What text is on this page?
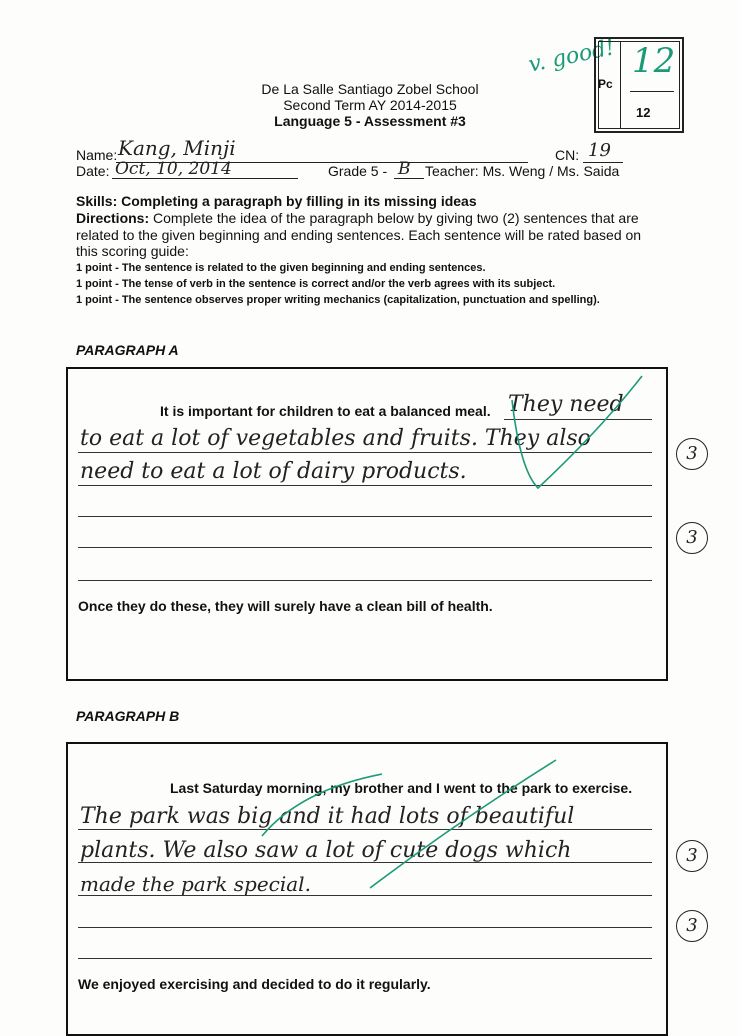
De La Salle Santiago Zobel School
Second Term AY 2014-2015
Language 5 - Assessment #3
v. good!
Pc
12
12
Name: Kang, Minji	CN: 19
Date: Oct, 10, 2014	Grade 5 - B Teacher: Ms. Weng / Ms. Saida
Skills: Completing a paragraph by filling in its missing ideas
Directions: Complete the idea of the paragraph below by giving two (2) sentences that are related to the given beginning and ending sentences. Each sentence will be rated based on this scoring guide:
1 point - The sentence is related to the given beginning and ending sentences.
1 point - The tense of verb in the sentence is correct and/or the verb agrees with its subject.
1 point - The sentence observes proper writing mechanics (capitalization, punctuation and spelling).
PARAGRAPH A
It is important for children to eat a balanced meal. They need
to eat a lot of vegetables and fruits. They also
need to eat a lot of dairy products.
Once they do these, they will surely have a clean bill of health.
3
3
PARAGRAPH B
Last Saturday morning, my brother and I went to the park to exercise.
The park was big and it had lots of beautiful
plants. We also saw a lot of cute dogs which
made the park special.
We enjoyed exercising and decided to do it regularly.
3
3
